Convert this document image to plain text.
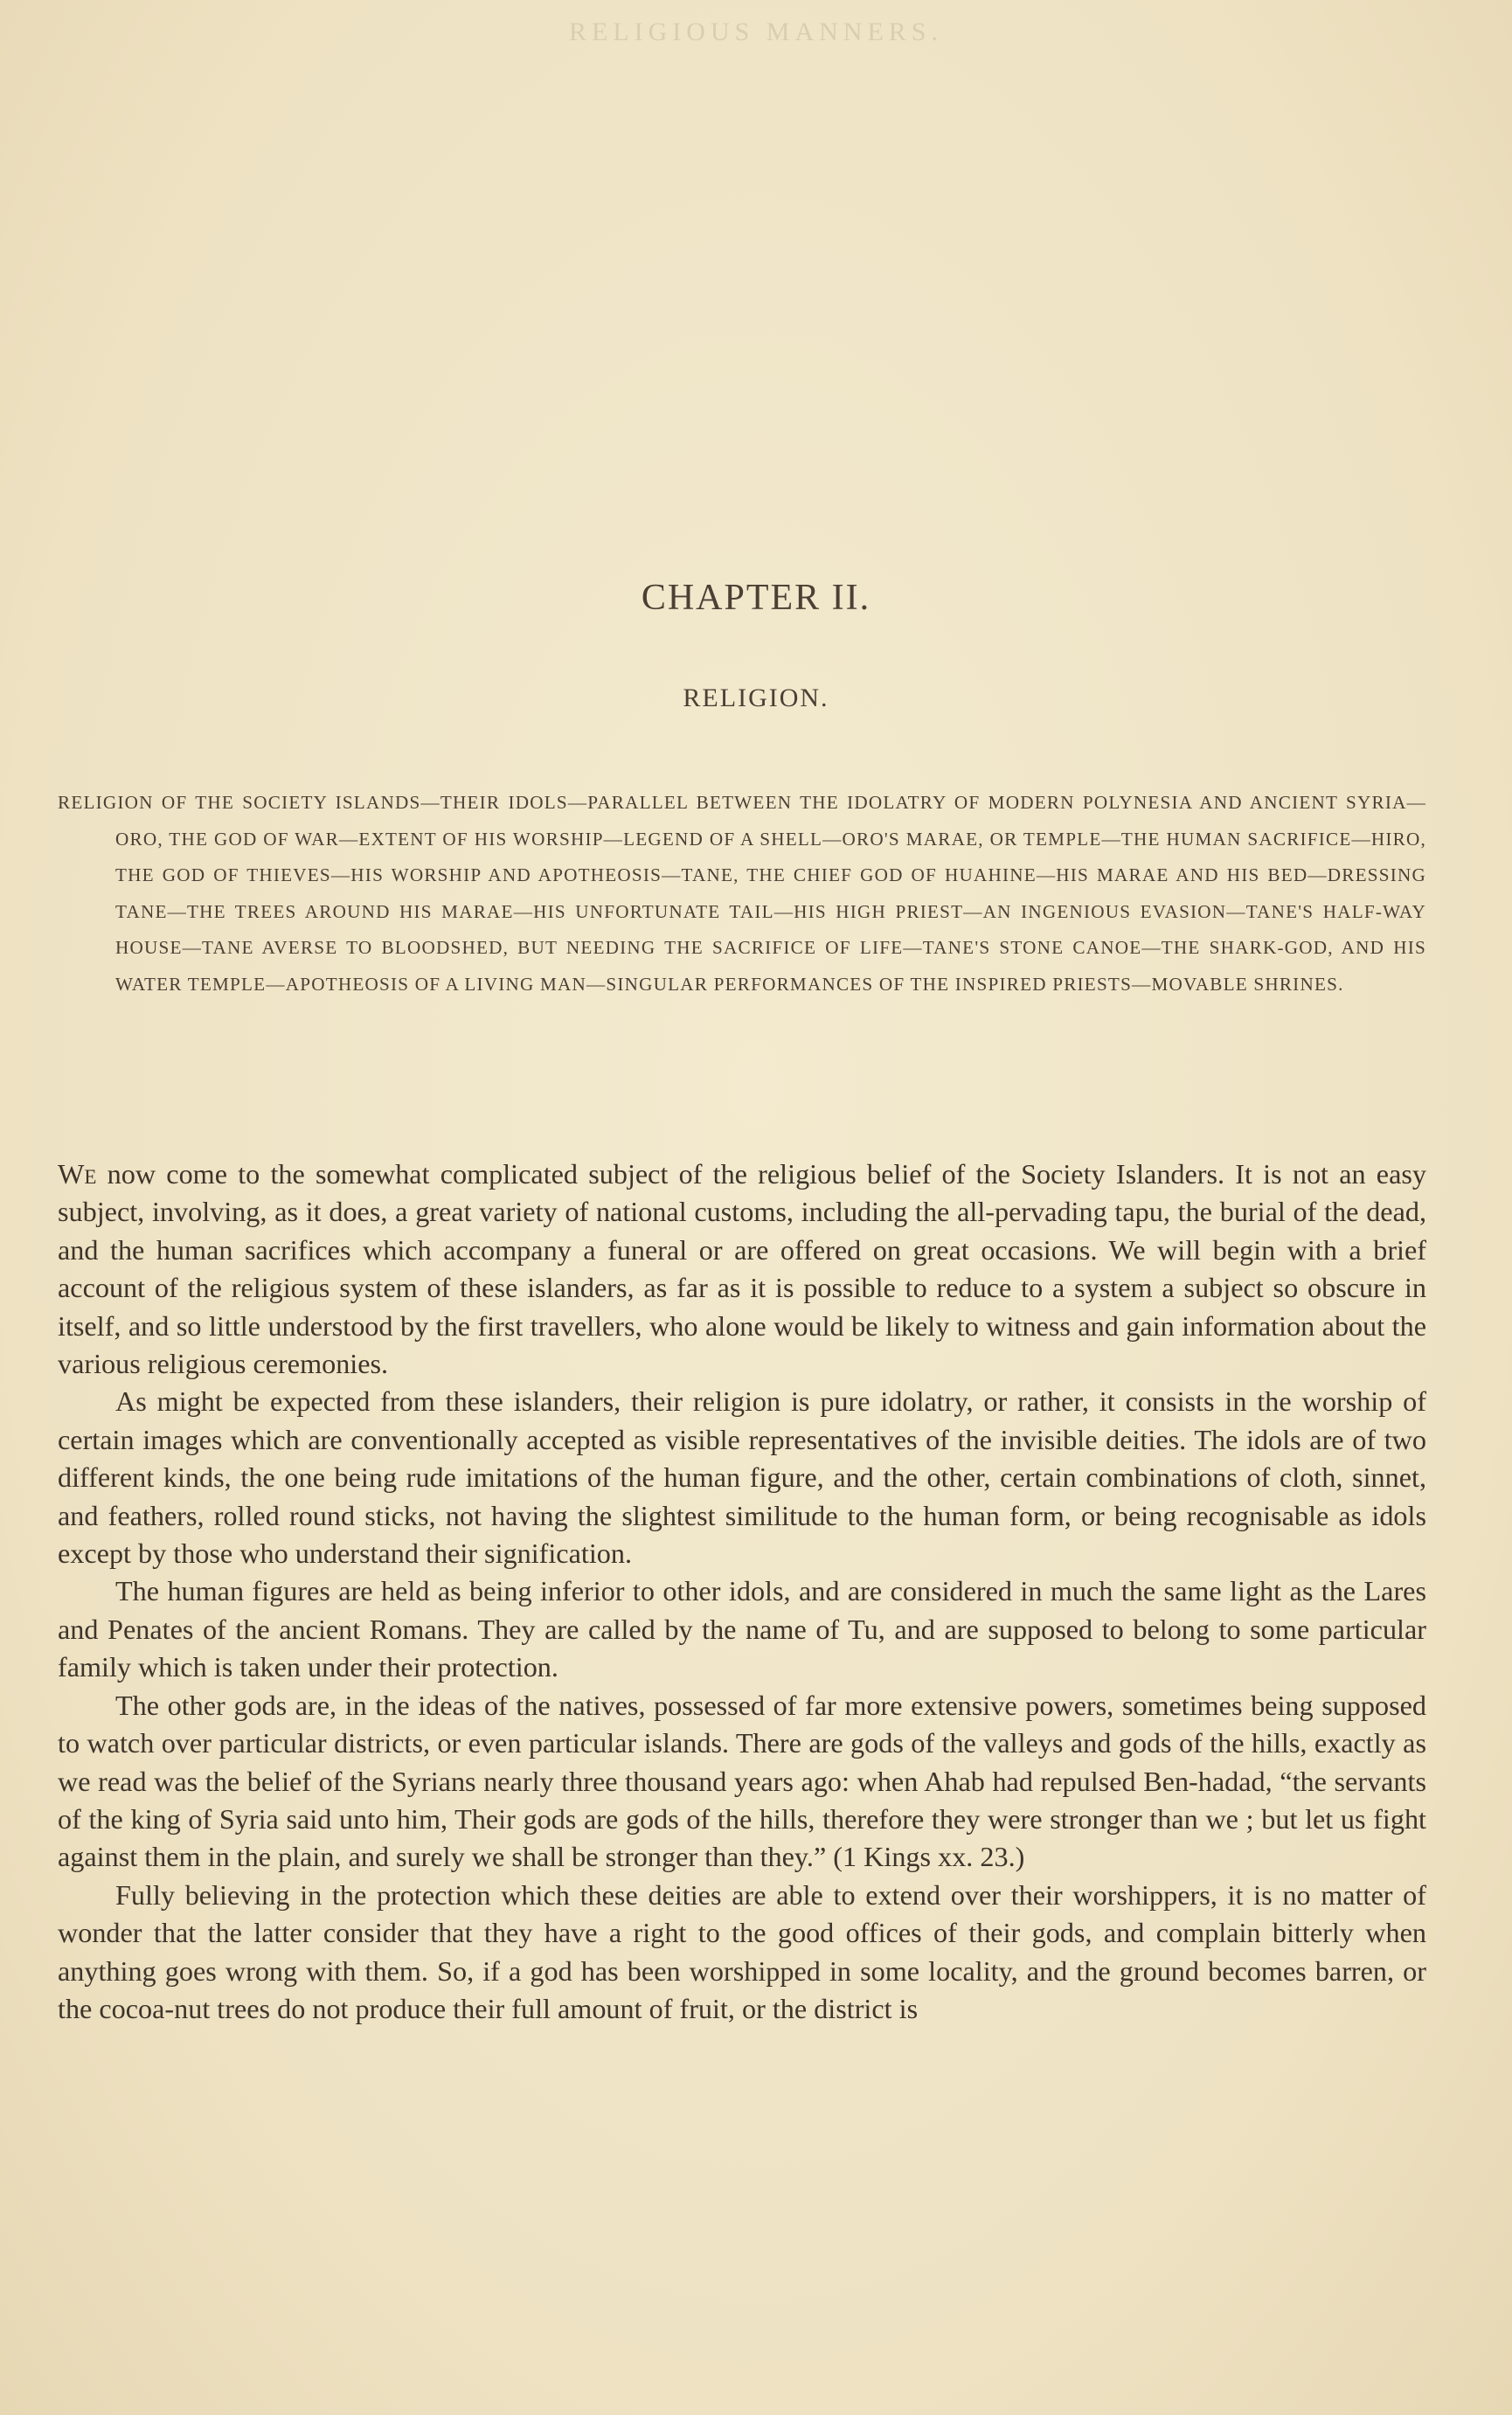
RELIGIOUS MANNERS.
CHAPTER II.
RELIGION.
RELIGION OF THE SOCIETY ISLANDS—THEIR IDOLS—PARALLEL BETWEEN THE IDOLATRY OF MODERN POLYNESIA AND ANCIENT SYRIA—ORO, THE GOD OF WAR—EXTENT OF HIS WORSHIP—LEGEND OF A SHELL—ORO'S MARAE, OR TEMPLE—THE HUMAN SACRIFICE—HIRO, THE GOD OF THIEVES—HIS WORSHIP AND APOTHEOSIS—TANE, THE CHIEF GOD OF HUAHINE—HIS MARAE AND HIS BED—DRESSING TANE—THE TREES AROUND HIS MARAE—HIS UNFORTUNATE TAIL—HIS HIGH PRIEST—AN INGENIOUS EVASION—TANE'S HALF-WAY HOUSE—TANE AVERSE TO BLOODSHED, BUT NEEDING THE SACRIFICE OF LIFE—TANE'S STONE CANOE—THE SHARK-GOD, AND HIS WATER TEMPLE—APOTHEOSIS OF A LIVING MAN—SINGULAR PERFORMANCES OF THE INSPIRED PRIESTS—MOVABLE SHRINES.

We now come to the somewhat complicated subject of the religious belief of the Society Islanders. It is not an easy subject, involving, as it does, a great variety of national customs, including the all-pervading tapu, the burial of the dead, and the human sacrifices which accompany a funeral or are offered on great occasions. We will begin with a brief account of the religious system of these islanders, as far as it is possible to reduce to a system a subject so obscure in itself, and so little understood by the first travellers, who alone would be likely to witness and gain information about the various religious ceremonies.

As might be expected from these islanders, their religion is pure idolatry, or rather, it consists in the worship of certain images which are conventionally accepted as visible representatives of the invisible deities. The idols are of two different kinds, the one being rude imitations of the human figure, and the other, certain combinations of cloth, sinnet, and feathers, rolled round sticks, not having the slightest similitude to the human form, or being recognisable as idols except by those who understand their signification.

The human figures are held as being inferior to other idols, and are considered in much the same light as the Lares and Penates of the ancient Romans. They are called by the name of Tu, and are supposed to belong to some particular family which is taken under their protection.

The other gods are, in the ideas of the natives, possessed of far more extensive powers, sometimes being supposed to watch over particular districts, or even particular islands. There are gods of the valleys and gods of the hills, exactly as we read was the belief of the Syrians nearly three thousand years ago: when Ahab had repulsed Ben-hadad, “the servants of the king of Syria said unto him, Their gods are gods of the hills, therefore they were stronger than we ; but let us fight against them in the plain, and surely we shall be stronger than they.” (1 Kings xx. 23.)

Fully believing in the protection which these deities are able to extend over their worshippers, it is no matter of wonder that the latter consider that they have a right to the good offices of their gods, and complain bitterly when anything goes wrong with them. So, if a god has been worshipped in some locality, and the ground becomes barren, or the cocoa-nut trees do not produce their full amount of fruit, or the district is
